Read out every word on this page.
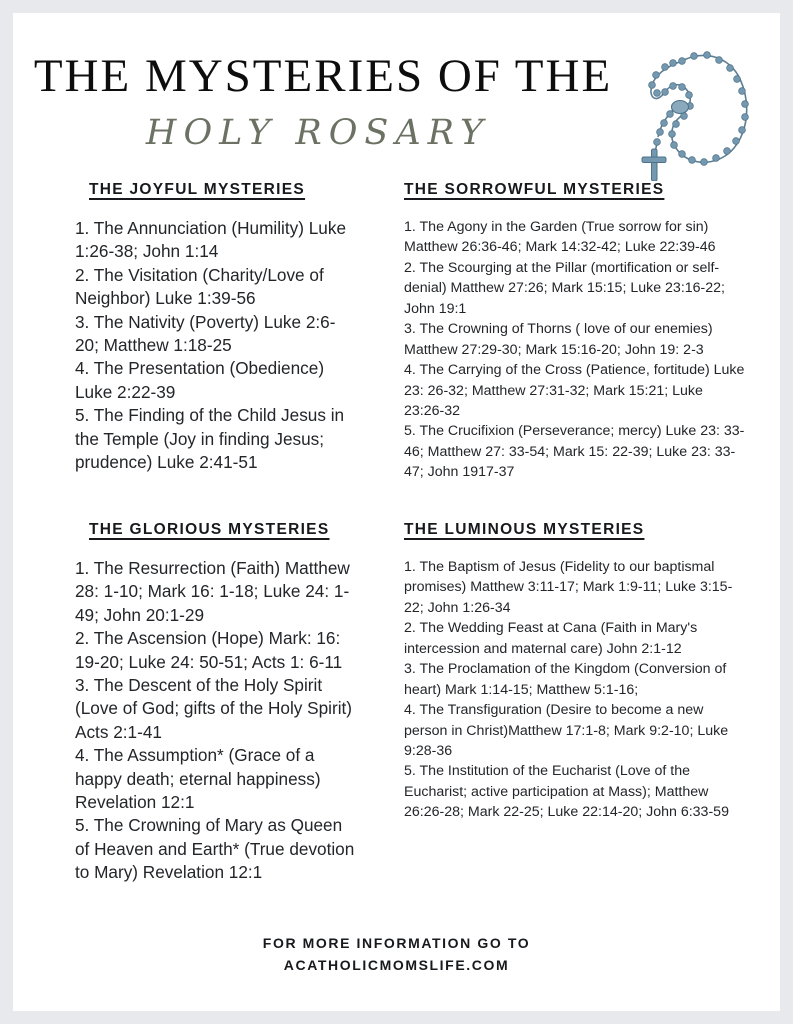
THE MYSTERIES OF THE
HOLY ROSARY
THE JOYFUL MYSTERIES
1. The Annunciation (Humility) Luke 1:26-38; John 1:14
2. The Visitation (Charity/Love of Neighbor) Luke 1:39-56
3. The Nativity (Poverty) Luke 2:6-20; Matthew 1:18-25
4. The Presentation (Obedience) Luke 2:22-39
5. The Finding of the Child Jesus in the Temple (Joy in finding Jesus; prudence) Luke 2:41-51
THE SORROWFUL MYSTERIES
1. The Agony in the Garden (True sorrow for sin) Matthew 26:36-46; Mark 14:32-42; Luke 22:39-46
2. The Scourging at the Pillar (mortification or self-denial) Matthew 27:26; Mark 15:15; Luke 23:16-22; John 19:1
3. The Crowning of Thorns ( love of our enemies) Matthew 27:29-30; Mark 15:16-20; John 19: 2-3
4. The Carrying of the Cross (Patience, fortitude) Luke 23: 26-32; Matthew 27:31-32; Mark 15:21; Luke 23:26-32
5. The Crucifixion (Perseverance; mercy) Luke 23: 33-46; Matthew 27: 33-54; Mark 15: 22-39; Luke 23: 33-47; John 1917-37
THE GLORIOUS MYSTERIES
1. The Resurrection (Faith) Matthew 28: 1-10; Mark 16: 1-18; Luke 24: 1-49; John 20:1-29
2. The Ascension (Hope) Mark: 16: 19-20; Luke 24: 50-51; Acts 1: 6-11
3. The Descent of the Holy Spirit (Love of God; gifts of the Holy Spirit) Acts 2:1-41
4. The Assumption* (Grace of a happy death; eternal happiness) Revelation 12:1
5. The Crowning of Mary as Queen of Heaven and Earth* (True devotion to Mary) Revelation 12:1
THE LUMINOUS MYSTERIES
1. The Baptism of Jesus (Fidelity to our baptismal promises) Matthew 3:11-17; Mark 1:9-11; Luke 3:15-22; John 1:26-34
2. The Wedding Feast at Cana (Faith in Mary's intercession and maternal care) John 2:1-12
3. The Proclamation of the Kingdom (Conversion of heart) Mark 1:14-15; Matthew 5:1-16;
4. The Transfiguration (Desire to become a new person in Christ)Matthew 17:1-8; Mark 9:2-10; Luke 9:28-36
5. The Institution of the Eucharist (Love of the Eucharist; active participation at Mass); Matthew 26:26-28; Mark 22-25; Luke 22:14-20; John 6:33-59
FOR MORE INFORMATION GO TO
ACATHOLICMOMSLIFE.COM
